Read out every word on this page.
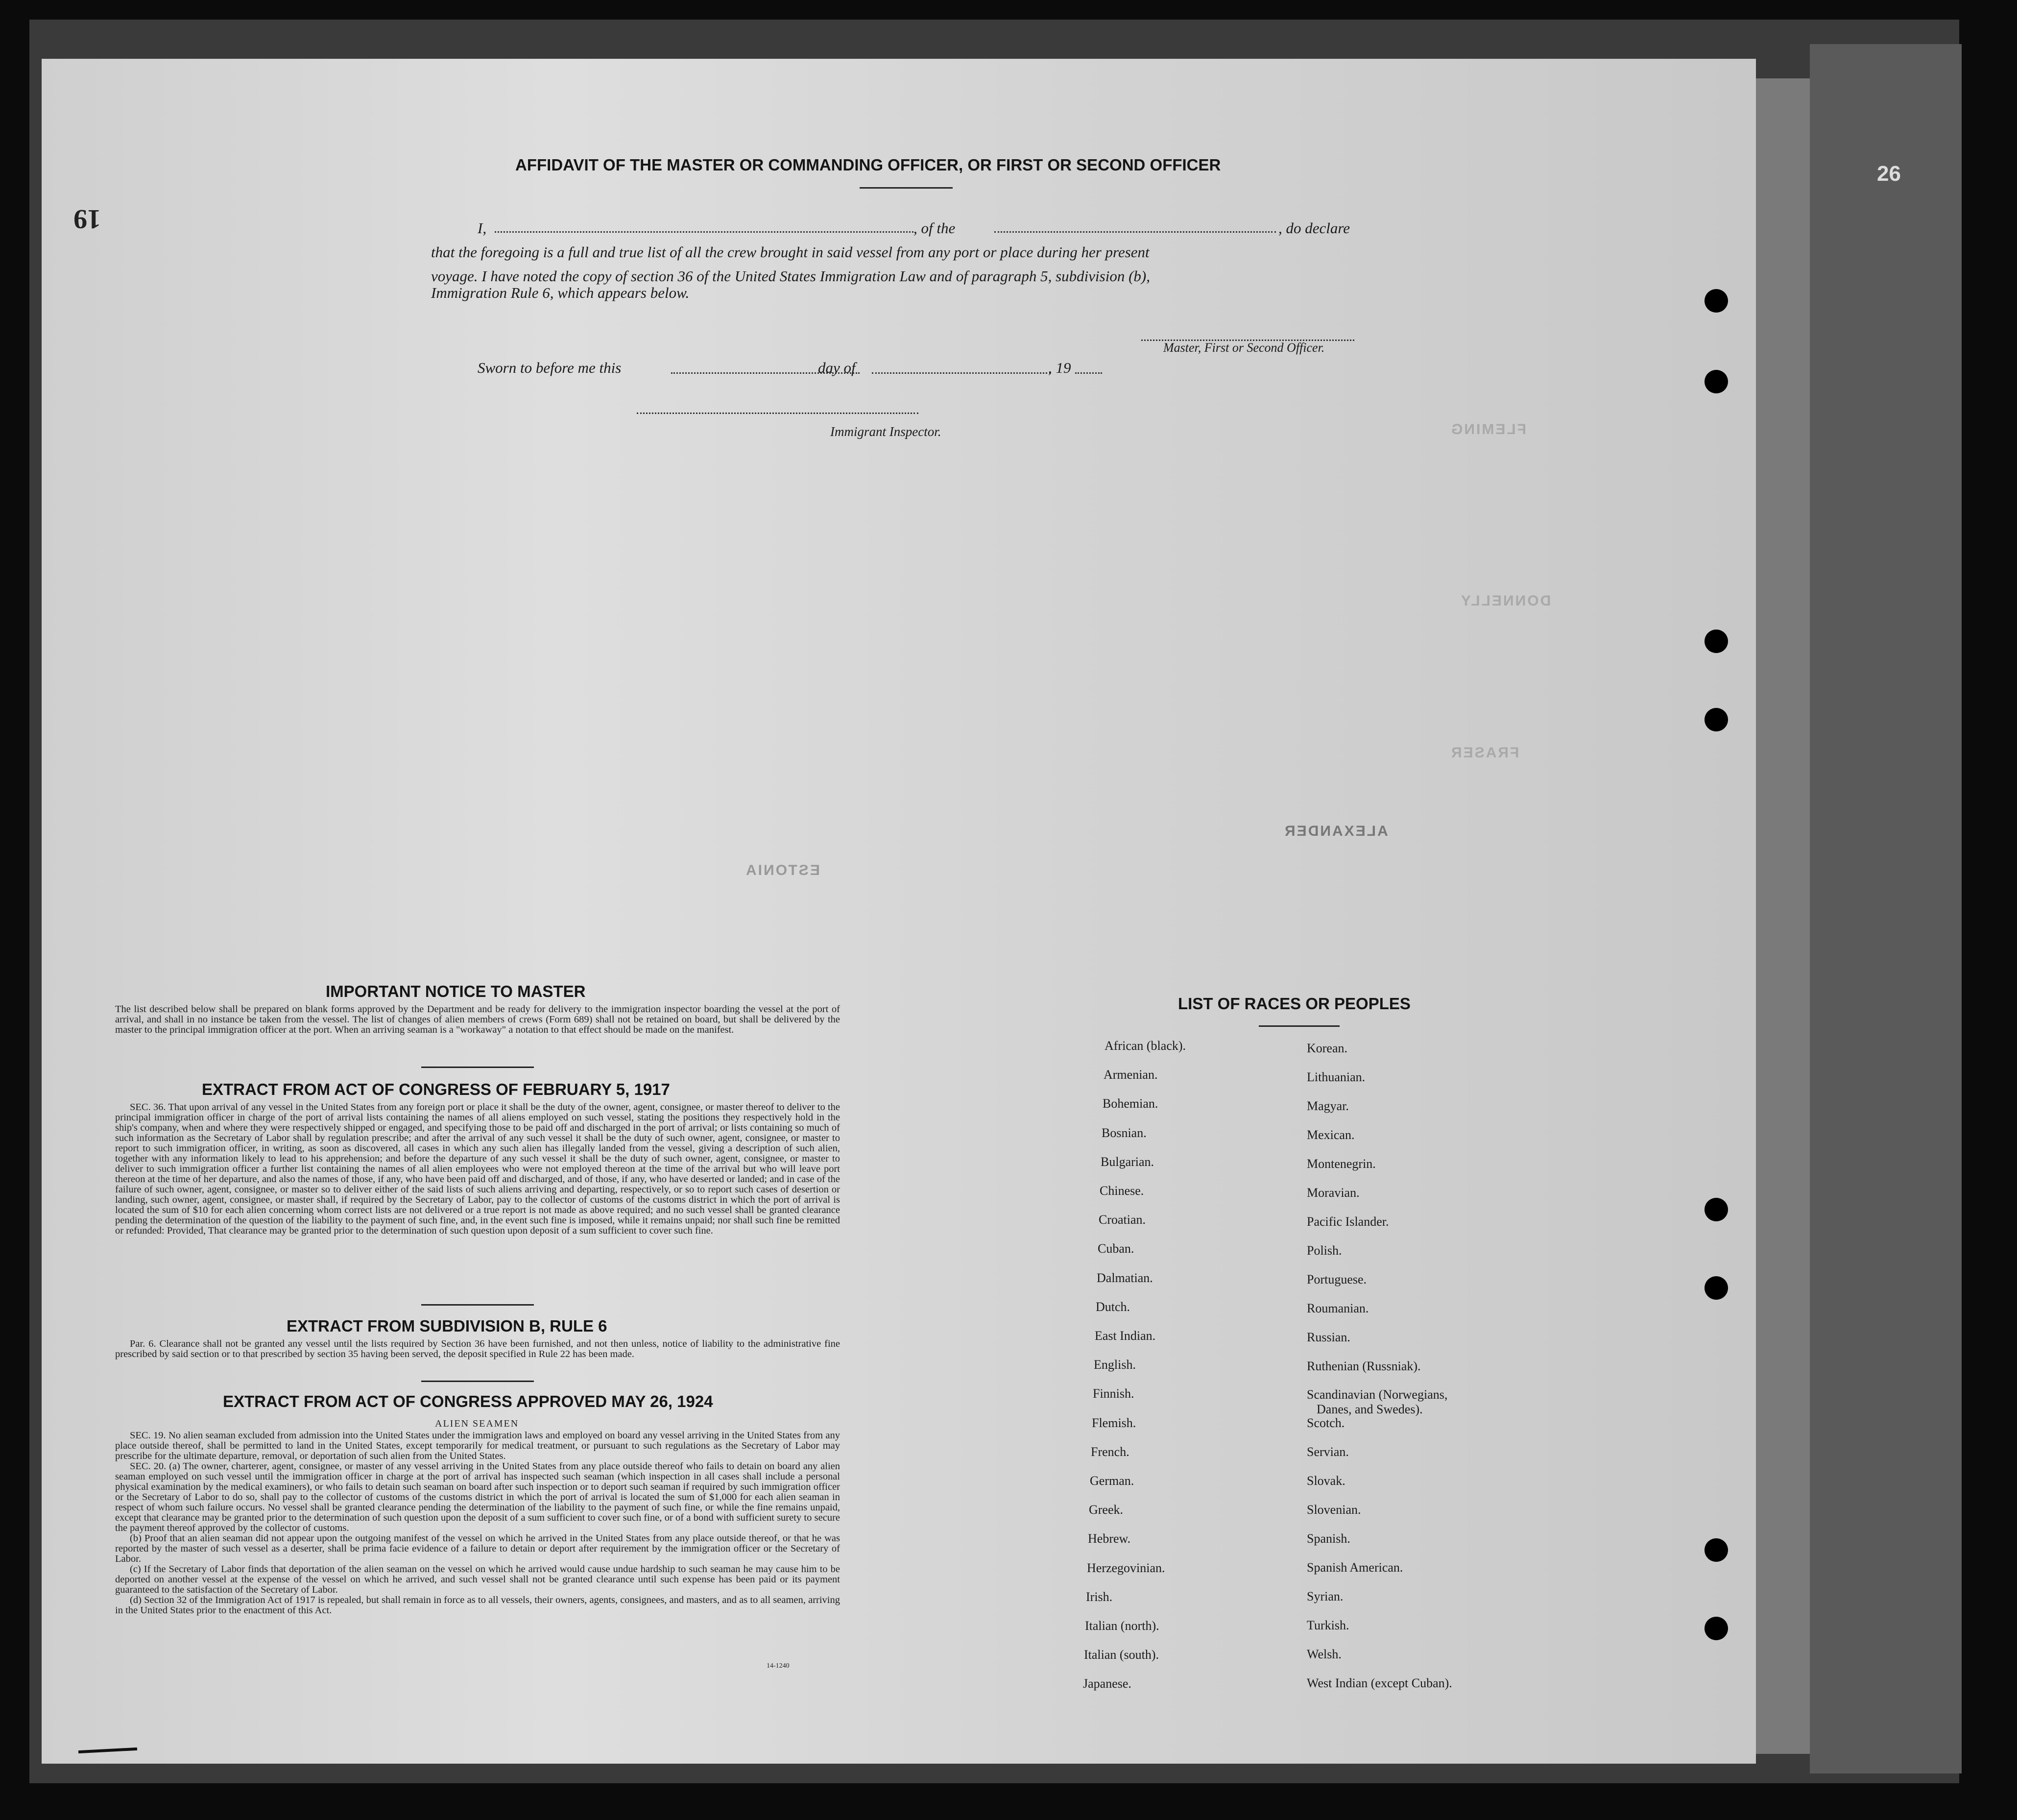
26
FLEMING
DONNELLY
FRASER
ALEXANDER
ESTONIA
19
AFFIDAVIT OF THE MASTER OR COMMANDING OFFICER, OR FIRST OR SECOND OFFICER
I,	, of the	, do declare
that the foregoing is a full and true list of all the crew brought in said vessel from any port or place during her present
voyage. I have noted the copy of section 36 of the United States Immigration Law and of paragraph 5, subdivision (b),
Immigration Rule 6, which appears below.
Master, First or Second Officer.
Sworn to before me this	day of	, 19
Immigrant Inspector.
IMPORTANT NOTICE TO MASTER
The list described below shall be prepared on blank forms approved by the Department and be ready for delivery to the immigration inspector boarding the vessel at the port of arrival, and shall in no instance be taken from the vessel. The list of changes of alien members of crews (Form 689) shall not be retained on board, but shall be delivered by the master to the principal immigration officer at the port. When an arriving seaman is a "workaway" a notation to that effect should be made on the manifest.
EXTRACT FROM ACT OF CONGRESS OF FEBRUARY 5, 1917
SEC. 36. That upon arrival of any vessel in the United States from any foreign port or place it shall be the duty of the owner, agent, consignee, or master thereof to deliver to the principal immigration officer in charge of the port of arrival lists containing the names of all aliens employed on such vessel, stating the positions they respectively hold in the ship's company, when and where they were respectively shipped or engaged, and specifying those to be paid off and discharged in the port of arrival; or lists containing so much of such information as the Secretary of Labor shall by regulation prescribe; and after the arrival of any such vessel it shall be the duty of such owner, agent, consignee, or master to report to such immigration officer, in writing, as soon as discovered, all cases in which any such alien has illegally landed from the vessel, giving a description of such alien, together with any information likely to lead to his apprehension; and before the departure of any such vessel it shall be the duty of such owner, agent, consignee, or master to deliver to such immigration officer a further list containing the names of all alien employees who were not employed thereon at the time of the arrival but who will leave port thereon at the time of her departure, and also the names of those, if any, who have been paid off and discharged, and of those, if any, who have deserted or landed; and in case of the failure of such owner, agent, consignee, or master so to deliver either of the said lists of such aliens arriving and departing, respectively, or so to report such cases of desertion or landing, such owner, agent, consignee, or master shall, if required by the Secretary of Labor, pay to the collector of customs of the customs district in which the port of arrival is located the sum of $10 for each alien concerning whom correct lists are not delivered or a true report is not made as above required; and no such vessel shall be granted clearance pending the determination of the question of the liability to the payment of such fine, and, in the event such fine is imposed, while it remains unpaid; nor shall such fine be remitted or refunded: Provided, That clearance may be granted prior to the determination of such question upon deposit of a sum sufficient to cover such fine.
EXTRACT FROM SUBDIVISION B, RULE 6
Par. 6. Clearance shall not be granted any vessel until the lists required by Section 36 have been furnished, and not then unless, notice of liability to the administrative fine prescribed by said section or to that prescribed by section 35 having been served, the deposit specified in Rule 22 has been made.
EXTRACT FROM ACT OF CONGRESS APPROVED MAY 26, 1924
ALIEN SEAMEN

SEC. 19. No alien seaman excluded from admission into the United States under the immigration laws and employed on board any vessel arriving in the United States from any place outside thereof, shall be permitted to land in the United States, except temporarily for medical treatment, or pursuant to such regulations as the Secretary of Labor may prescribe for the ultimate departure, removal, or deportation of such alien from the United States.

SEC. 20. (a) The owner, charterer, agent, consignee, or master of any vessel arriving in the United States from any place outside thereof who fails to detain on board any alien seaman employed on such vessel until the immigration officer in charge at the port of arrival has inspected such seaman (which inspection in all cases shall include a personal physical examination by the medical examiners), or who fails to detain such seaman on board after such inspection or to deport such seaman if required by such immigration officer or the Secretary of Labor to do so, shall pay to the collector of customs of the customs district in which the port of arrival is located the sum of $1,000 for each alien seaman in respect of whom such failure occurs. No vessel shall be granted clearance pending the determination of the liability to the payment of such fine, or while the fine remains unpaid, except that clearance may be granted prior to the determination of such question upon the deposit of a sum sufficient to cover such fine, or of a bond with sufficient surety to secure the payment thereof approved by the collector of customs.

(b) Proof that an alien seaman did not appear upon the outgoing manifest of the vessel on which he arrived in the United States from any place outside thereof, or that he was reported by the master of such vessel as a deserter, shall be prima facie evidence of a failure to detain or deport after requirement by the immigration officer or the Secretary of Labor.

(c) If the Secretary of Labor finds that deportation of the alien seaman on the vessel on which he arrived would cause undue hardship to such seaman he may cause him to be deported on another vessel at the expense of the vessel on which he arrived, and such vessel shall not be granted clearance until such expense has been paid or its payment guaranteed to the satisfaction of the Secretary of Labor.

(d) Section 32 of the Immigration Act of 1917 is repealed, but shall remain in force as to all vessels, their owners, agents, consignees, and masters, and as to all seamen, arriving in the United States prior to the enactment of this Act.

14-1240
LIST OF RACES OR PEOPLES
African (black).
Armenian.
Bohemian.
Bosnian.
Bulgarian.
Chinese.
Croatian.
Cuban.
Dalmatian.
Dutch.
East Indian.
English.
Finnish.
Flemish.
French.
German.
Greek.
Hebrew.
Herzegovinian.
Irish.
Italian (north).
Italian (south).
Japanese.
Korean.
Lithuanian.
Magyar.
Mexican.
Montenegrin.
Moravian.
Pacific Islander.
Polish.
Portuguese.
Roumanian.
Russian.
Ruthenian (Russniak).
Scandinavian (Norwegians,
Scotch.
Servian.
Slovak.
Slovenian.
Spanish.
Spanish American.
Syrian.
Turkish.
Welsh.
West Indian (except Cuban).
Danes, and Swedes).
